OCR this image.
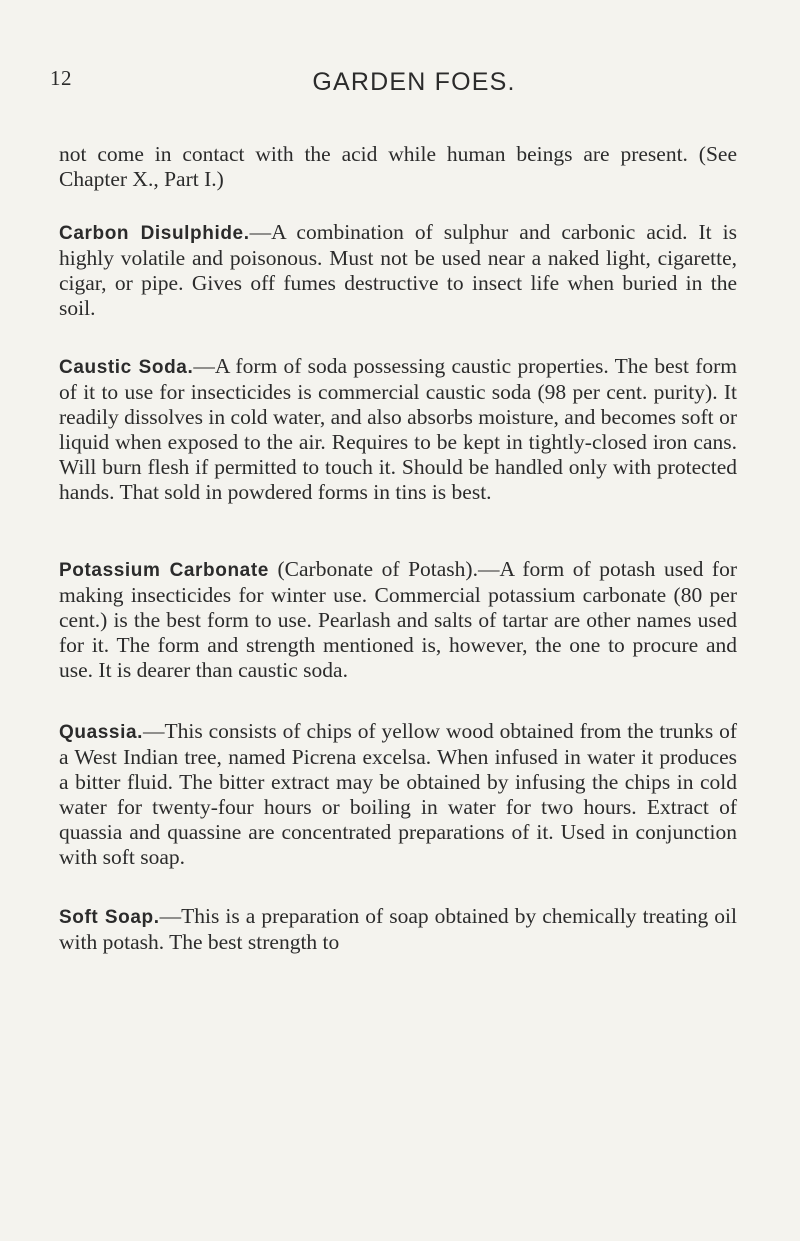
12	GARDEN FOES.

not come in contact with the acid while human beings are present. (See Chapter X., Part I.)

Carbon Disulphide.—A combination of sulphur and carbonic acid. It is highly volatile and poisonous. Must not be used near a naked light, cigarette, cigar, or pipe. Gives off fumes destructive to insect life when buried in the soil.

Caustic Soda.—A form of soda possessing caustic properties. The best form of it to use for insecticides is commercial caustic soda (98 per cent. purity). It readily dissolves in cold water, and also absorbs moisture, and becomes soft or liquid when exposed to the air. Requires to be kept in tightly-closed iron cans. Will burn flesh if permitted to touch it. Should be handled only with protected hands. That sold in powdered forms in tins is best.

Potassium Carbonate (Carbonate of Potash).—A form of potash used for making insecticides for winter use. Commercial potassium carbonate (80 per cent.) is the best form to use. Pearlash and salts of tartar are other names used for it. The form and strength mentioned is, however, the one to procure and use. It is dearer than caustic soda.

Quassia.—This consists of chips of yellow wood obtained from the trunks of a West Indian tree, named Picrena excelsa. When infused in water it produces a bitter fluid. The bitter extract may be obtained by infusing the chips in cold water for twenty-four hours or boiling in water for two hours. Extract of quassia and quassine are concentrated preparations of it. Used in conjunction with soft soap.

Soft Soap.—This is a preparation of soap obtained by chemically treating oil with potash. The best strength to
